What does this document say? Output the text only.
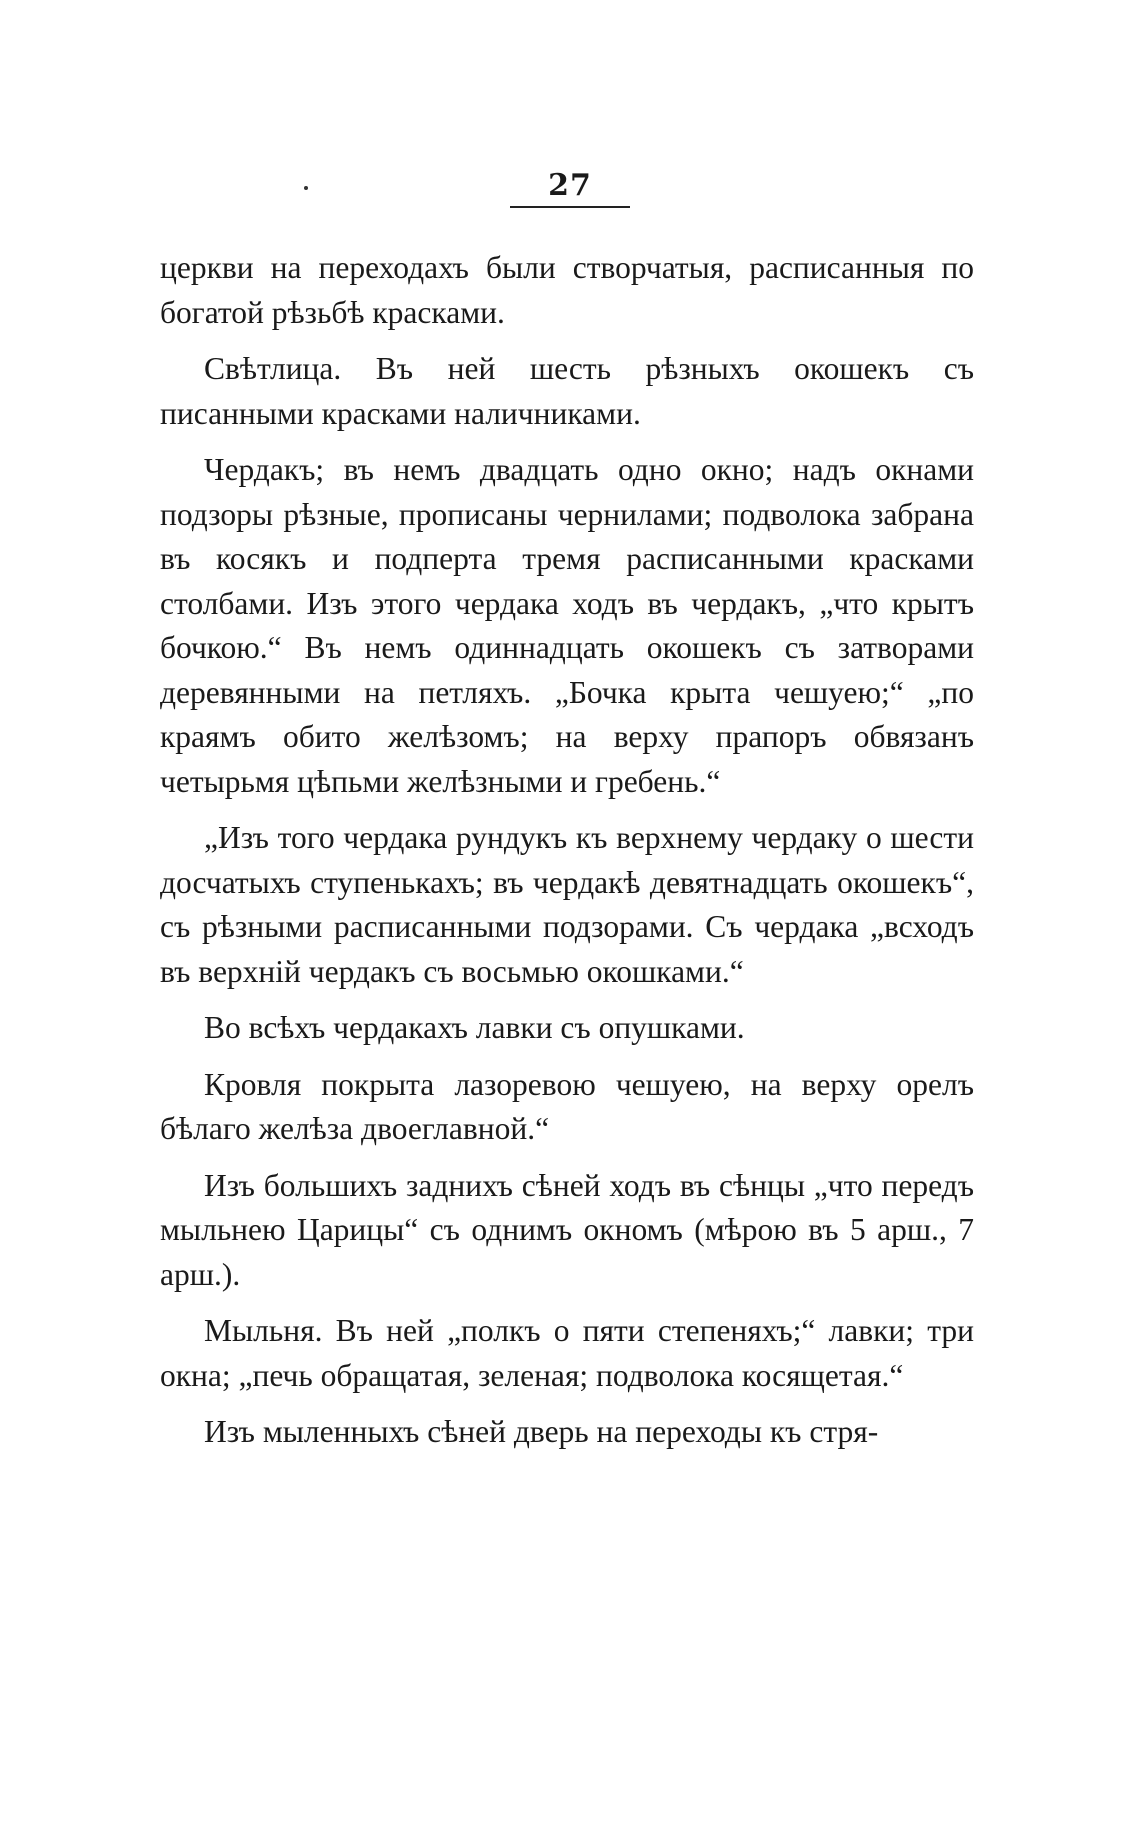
27

церкви на переходахъ были створчатыя, расписанныя по богатой рѣзьбѣ красками.

Свѣтлица. Въ ней шесть рѣзныхъ окошекъ съ писанными красками наличниками.

Чердакъ; въ немъ двадцать одно окно; надъ окнами подзоры рѣзные, прописаны чернилами; подволока забрана въ косякъ и подперта тремя расписанными красками столбами. Изъ этого чердака ходъ въ чердакъ, „что крытъ бочкою.“ Въ немъ одиннадцать окошекъ съ затворами деревянными на петляхъ. „Бочка крыта чешуею;“ „по краямъ обито желѣзомъ; на верху прапоръ обвязанъ четырьмя цѣпьми желѣзными и гребень.“

„Изъ того чердака рундукъ къ верхнему чердаку о шести досчатыхъ ступенькахъ; въ чердакѣ девятнадцать окошекъ“, съ рѣзными расписанными подзорами. Съ чердака „всходъ въ верхній чердакъ съ восьмью окошками.“

Во всѣхъ чердакахъ лавки съ опушками.

Кровля покрыта лазоревою чешуею, на верху орелъ бѣлаго желѣза двоеглавной.“

Изъ большихъ заднихъ сѣней ходъ въ сѣнцы „что передъ мыльнею Царицы“ съ однимъ окномъ (мѣрою въ 5 арш., 7 арш.).

Мыльня. Въ ней „полкъ о пяти степеняхъ;“ лавки; три окна; „печь обращатая, зеленая; подволока косящетая.“

Изъ мыленныхъ сѣней дверь на переходы къ стря-
